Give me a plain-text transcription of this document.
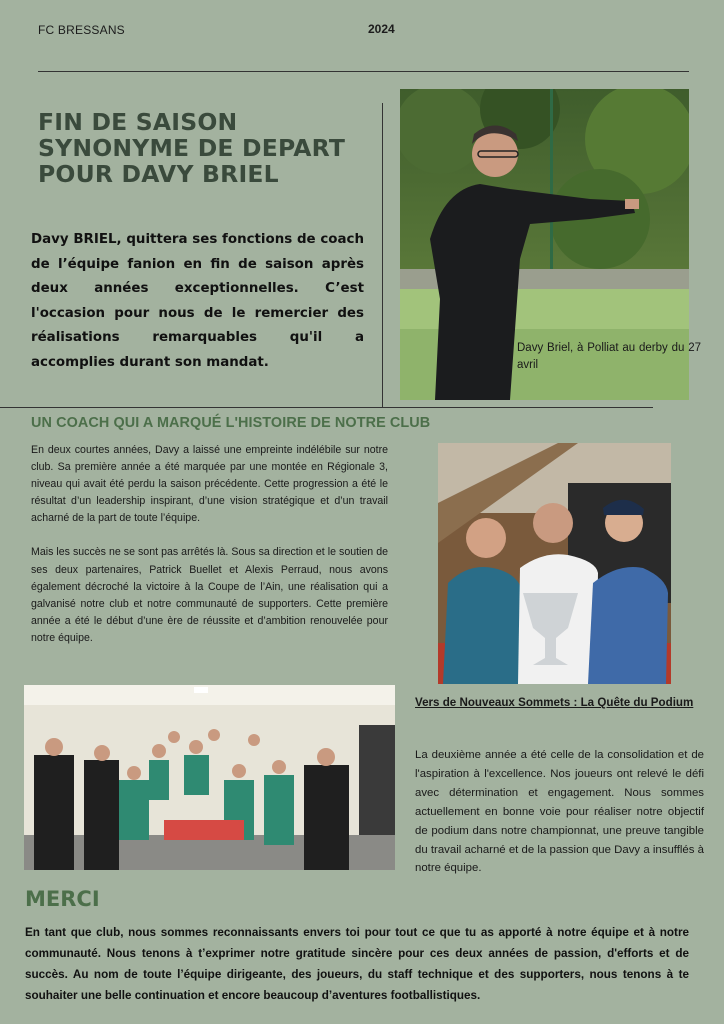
FC BRESSANS	2024
FIN DE SAISON SYNONYME DE DEPART POUR DAVY BRIEL

Davy BRIEL, quittera ses fonctions de coach de l’équipe fanion en fin de saison après deux années exceptionnelles. C’est l'occasion pour nous de le remercier des réalisations remarquables qu'il a accomplies durant son mandat.

Davy Briel, à Polliat au derby du 27 avril

UN COACH QUI A MARQUÉ L'HISTOIRE DE NOTRE CLUB

En deux courtes années, Davy a laissé une empreinte indélébile sur notre club. Sa première année a été marquée par une montée en Régionale 3, niveau qui avait été perdu la saison précédente. Cette progression a été le résultat d’un leadership inspirant, d’une vision stratégique et d’un travail acharné de la part de toute l’équipe.

Mais les succès ne se sont pas arrêtés là. Sous sa direction et le soutien de ses deux partenaires, Patrick Buellet et Alexis Perraud, nous avons également décroché la victoire à la Coupe de l’Ain, une réalisation qui a galvanisé notre club et notre communauté de supporters. Cette première année a été le début d’une ère de réussite et d’ambition renouvelée pour notre équipe.

Vers de Nouveaux Sommets : La Quête du Podium

La deuxième année a été celle de la consolidation et de l'aspiration à l'excellence. Nos joueurs ont relevé le défi avec détermination et engagement. Nous sommes actuellement en bonne voie pour réaliser notre objectif de podium dans notre championnat, une preuve tangible du travail acharné et de la passion que Davy a insufflés à notre équipe.

MERCI

En tant que club, nous sommes reconnaissants envers toi pour tout ce que tu as apporté à notre équipe et à notre communauté. Nous tenons à t’exprimer notre gratitude sincère pour ces deux années de passion, d'efforts et de succès. Au nom de toute l’équipe dirigeante, des joueurs, du staff technique et des supporters, nous tenons à te souhaiter une belle continuation et encore beaucoup d’aventures footballistiques.
